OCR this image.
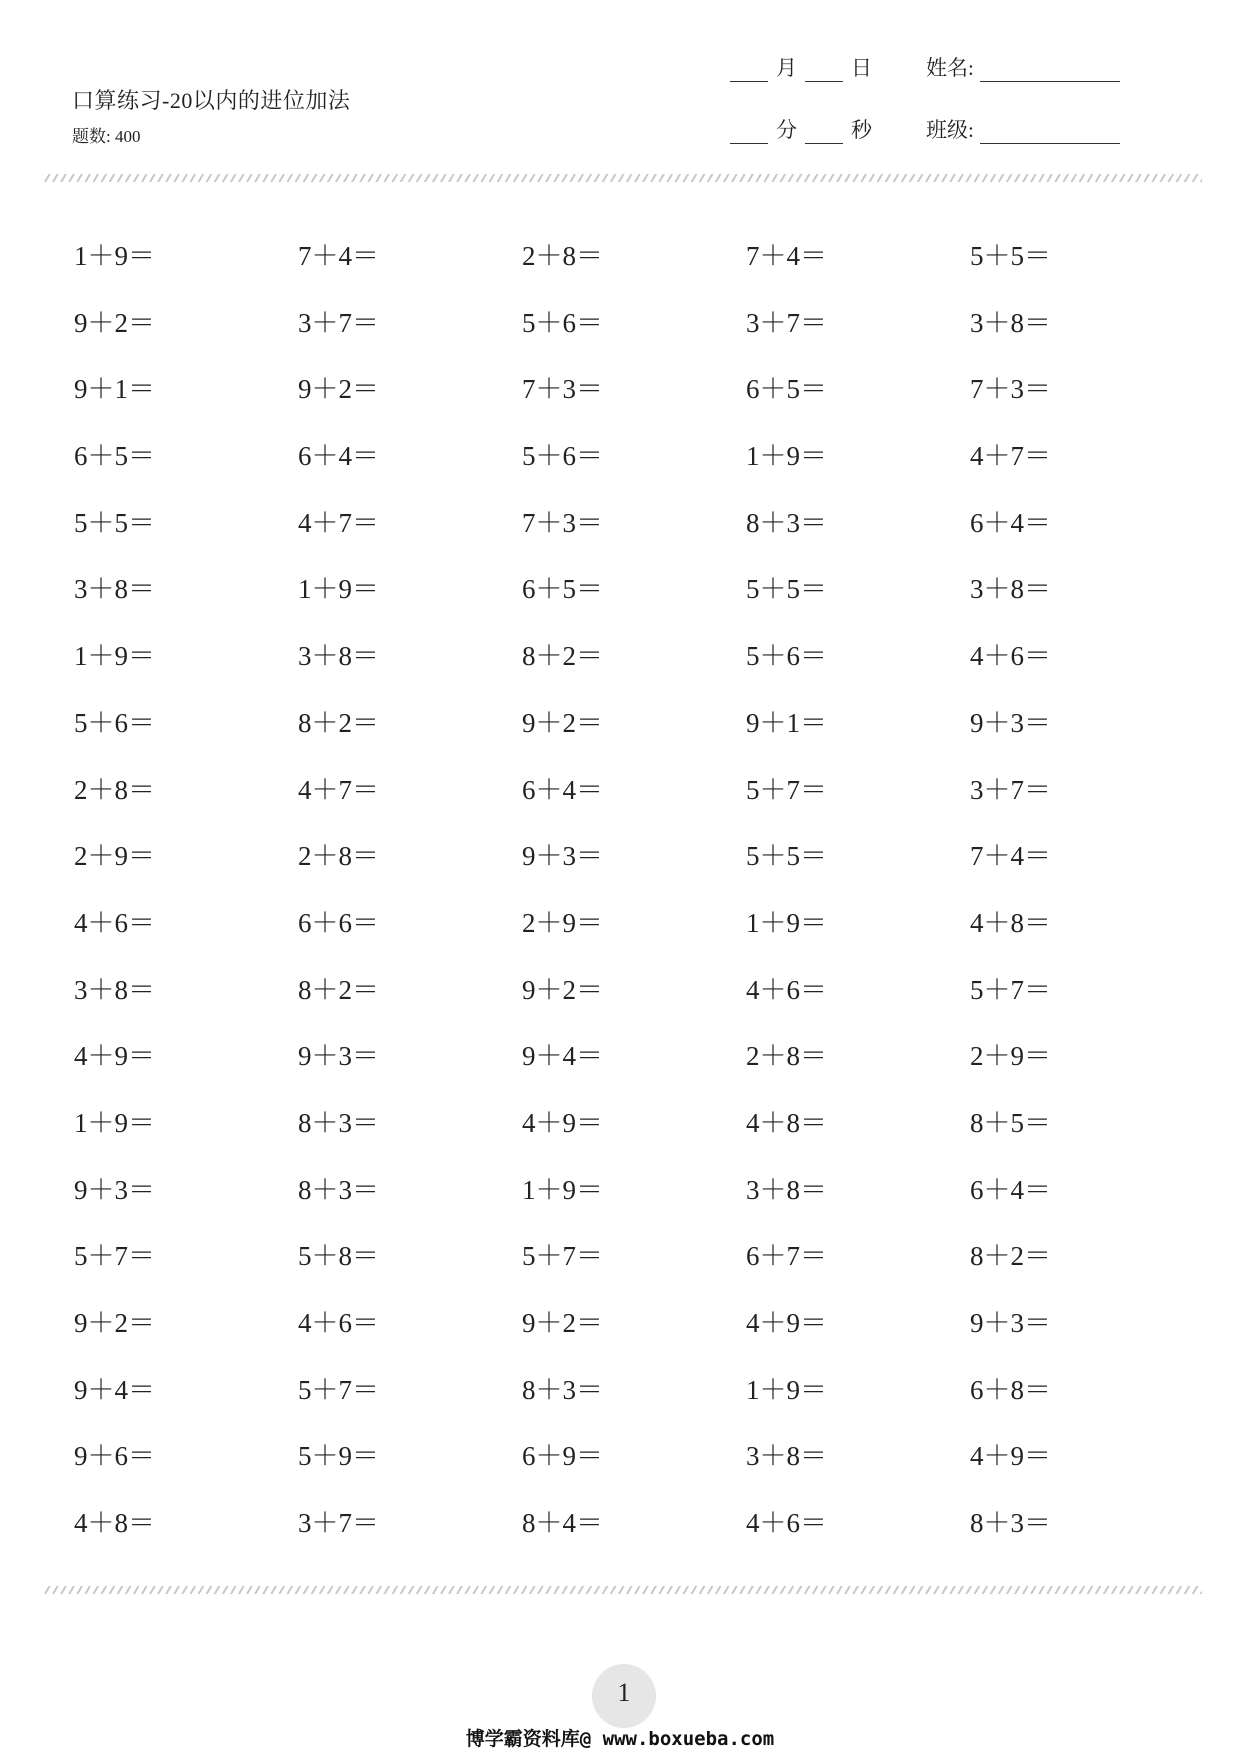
口算练习-20以内的进位加法
题数: 400
月	日	姓名:
分	秒	班级:
1＋9＝	7＋4＝	2＋8＝	7＋4＝	5＋5＝
9＋2＝	3＋7＝	5＋6＝	3＋7＝	3＋8＝
9＋1＝	9＋2＝	7＋3＝	6＋5＝	7＋3＝
6＋5＝	6＋4＝	5＋6＝	1＋9＝	4＋7＝
5＋5＝	4＋7＝	7＋3＝	8＋3＝	6＋4＝
3＋8＝	1＋9＝	6＋5＝	5＋5＝	3＋8＝
1＋9＝	3＋8＝	8＋2＝	5＋6＝	4＋6＝
5＋6＝	8＋2＝	9＋2＝	9＋1＝	9＋3＝
2＋8＝	4＋7＝	6＋4＝	5＋7＝	3＋7＝
2＋9＝	2＋8＝	9＋3＝	5＋5＝	7＋4＝
4＋6＝	6＋6＝	2＋9＝	1＋9＝	4＋8＝
3＋8＝	8＋2＝	9＋2＝	4＋6＝	5＋7＝
4＋9＝	9＋3＝	9＋4＝	2＋8＝	2＋9＝
1＋9＝	8＋3＝	4＋9＝	4＋8＝	8＋5＝
9＋3＝	8＋3＝	1＋9＝	3＋8＝	6＋4＝
5＋7＝	5＋8＝	5＋7＝	6＋7＝	8＋2＝
9＋2＝	4＋6＝	9＋2＝	4＋9＝	9＋3＝
9＋4＝	5＋7＝	8＋3＝	1＋9＝	6＋8＝
9＋6＝	5＋9＝	6＋9＝	3＋8＝	4＋9＝
4＋8＝	3＋7＝	8＋4＝	4＋6＝	8＋3＝
1
博学霸资料库@ www.boxueba.com
